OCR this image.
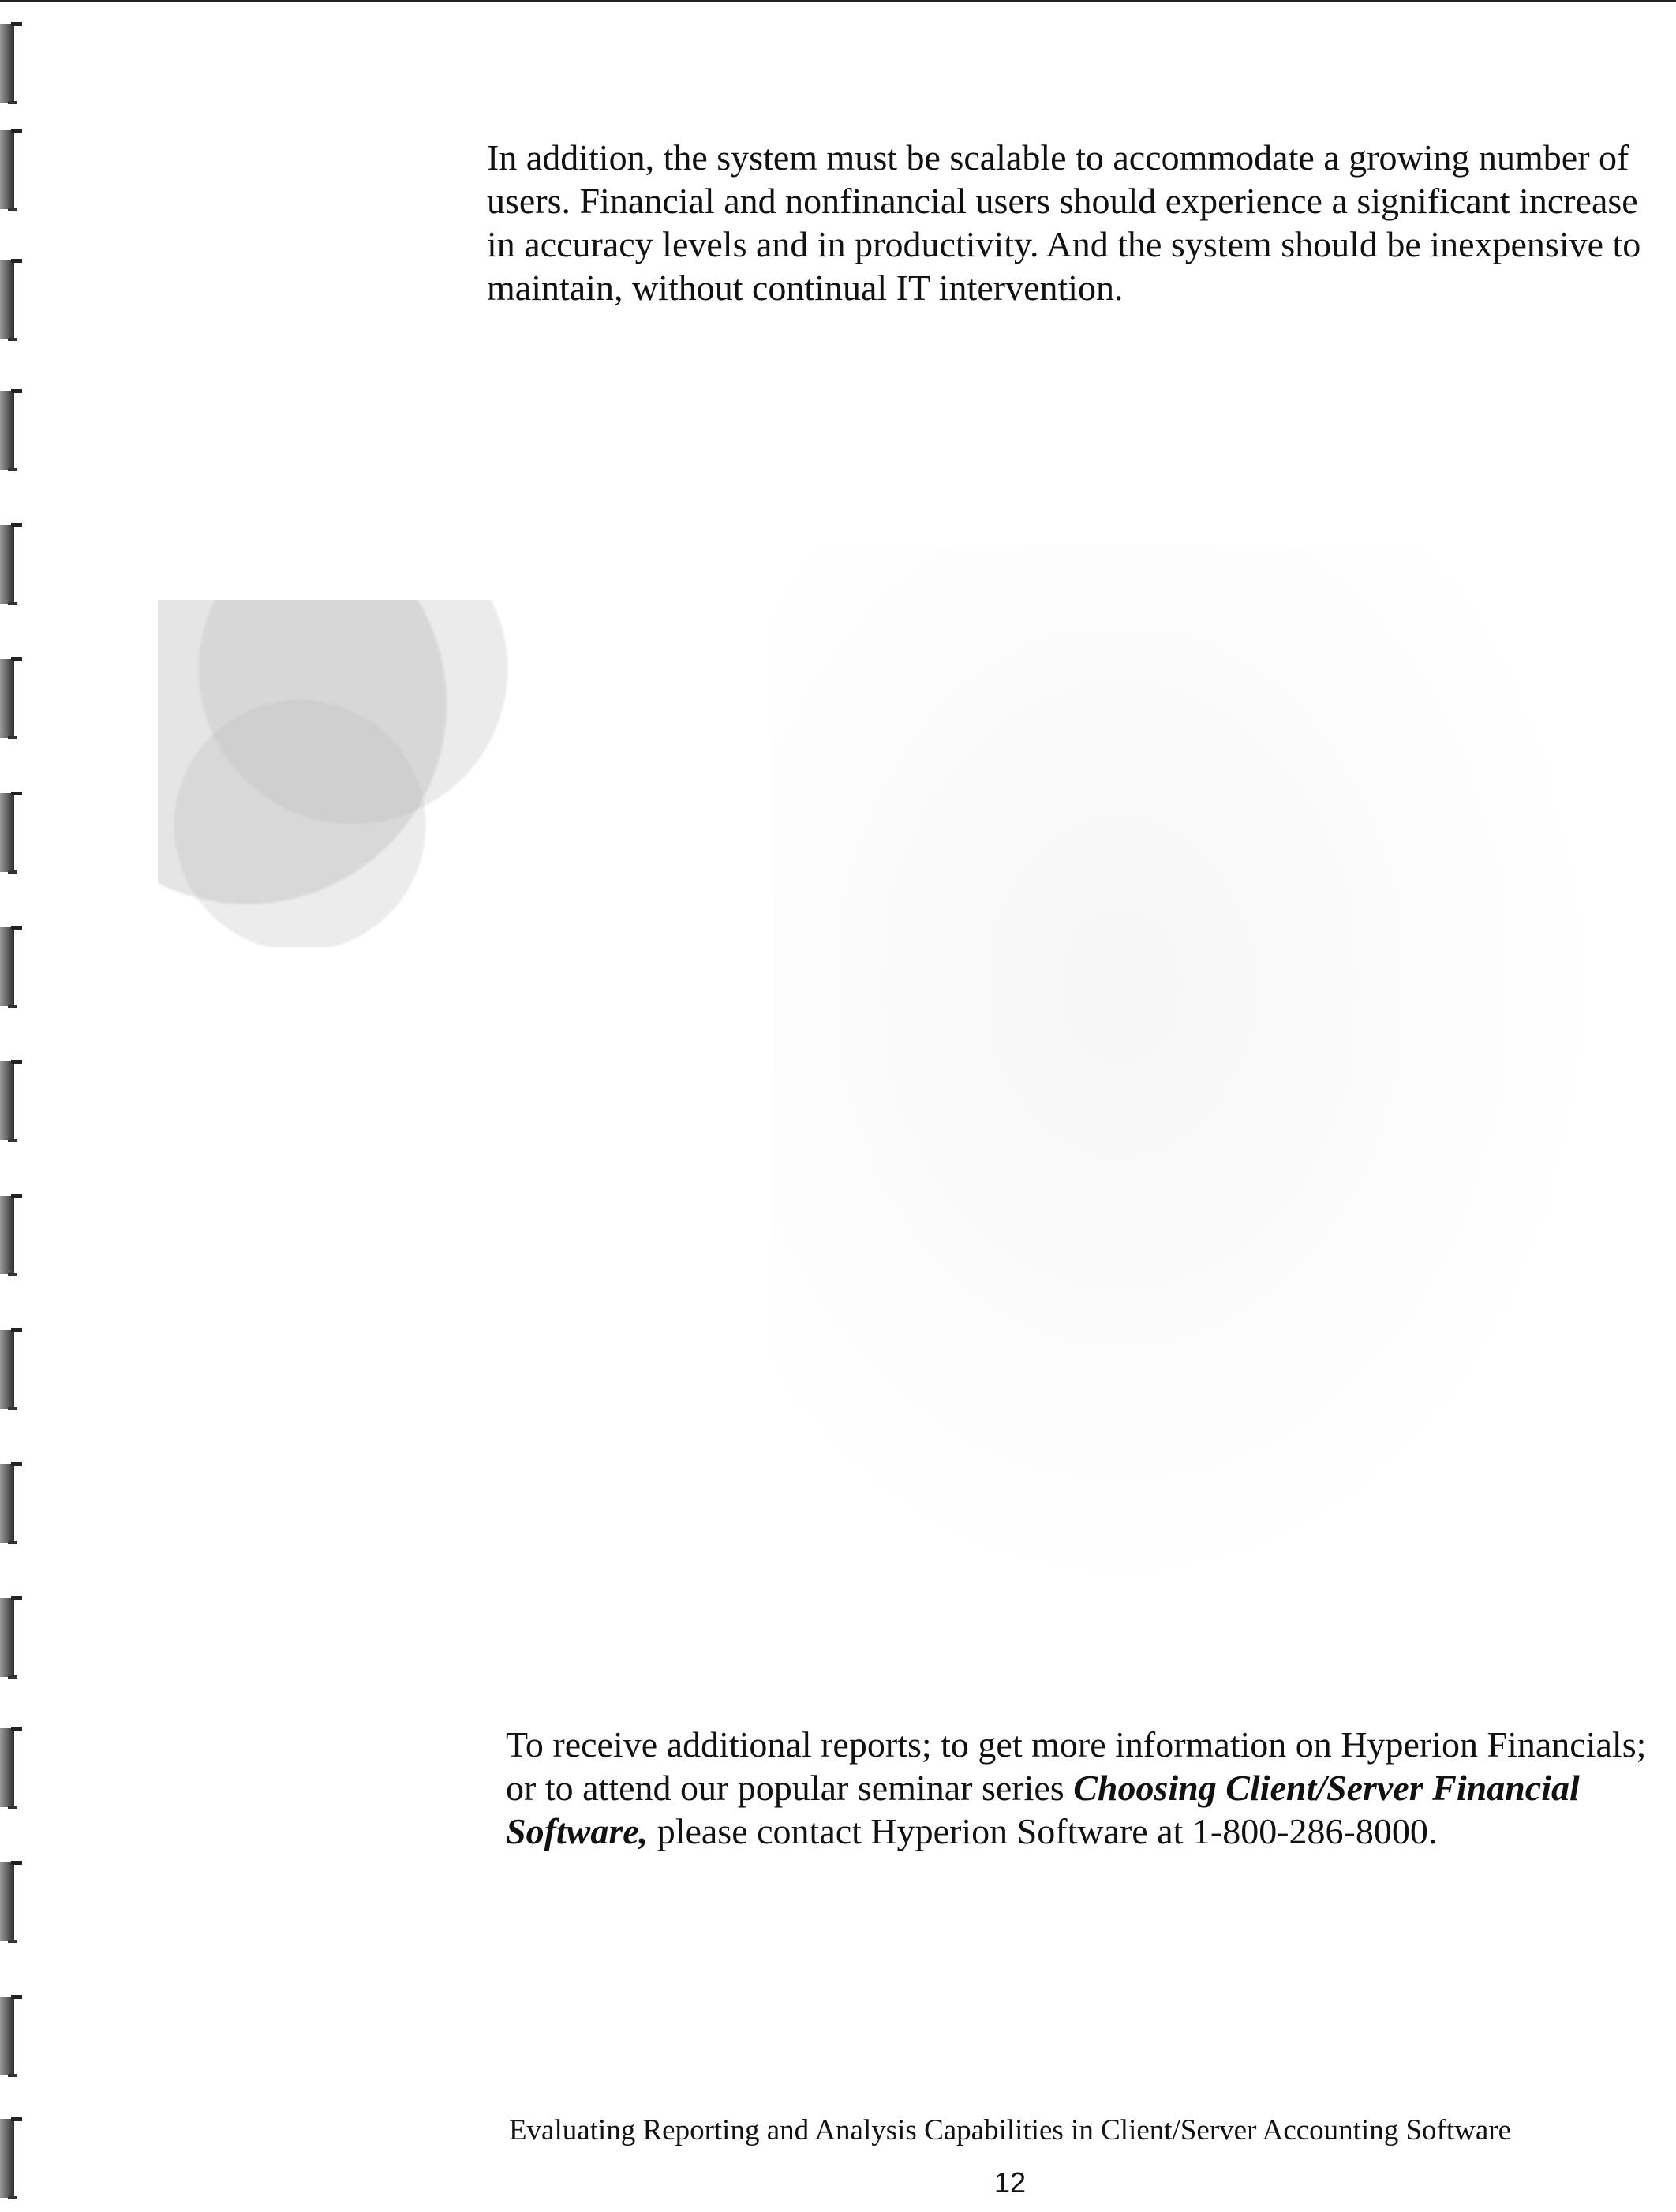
In addition, the system must be scalable to accommodate a growing number of users. Financial and nonfinancial users should experience a significant increase in accuracy levels and in productivity. And the system should be inexpensive to maintain, without continual IT intervention.

To receive additional reports; to get more information on Hyperion Financials; or to attend our popular seminar series Choosing Client/Server Financial Software, please contact Hyperion Software at 1-800-286-8000.

Evaluating Reporting and Analysis Capabilities in Client/Server Accounting Software
12
